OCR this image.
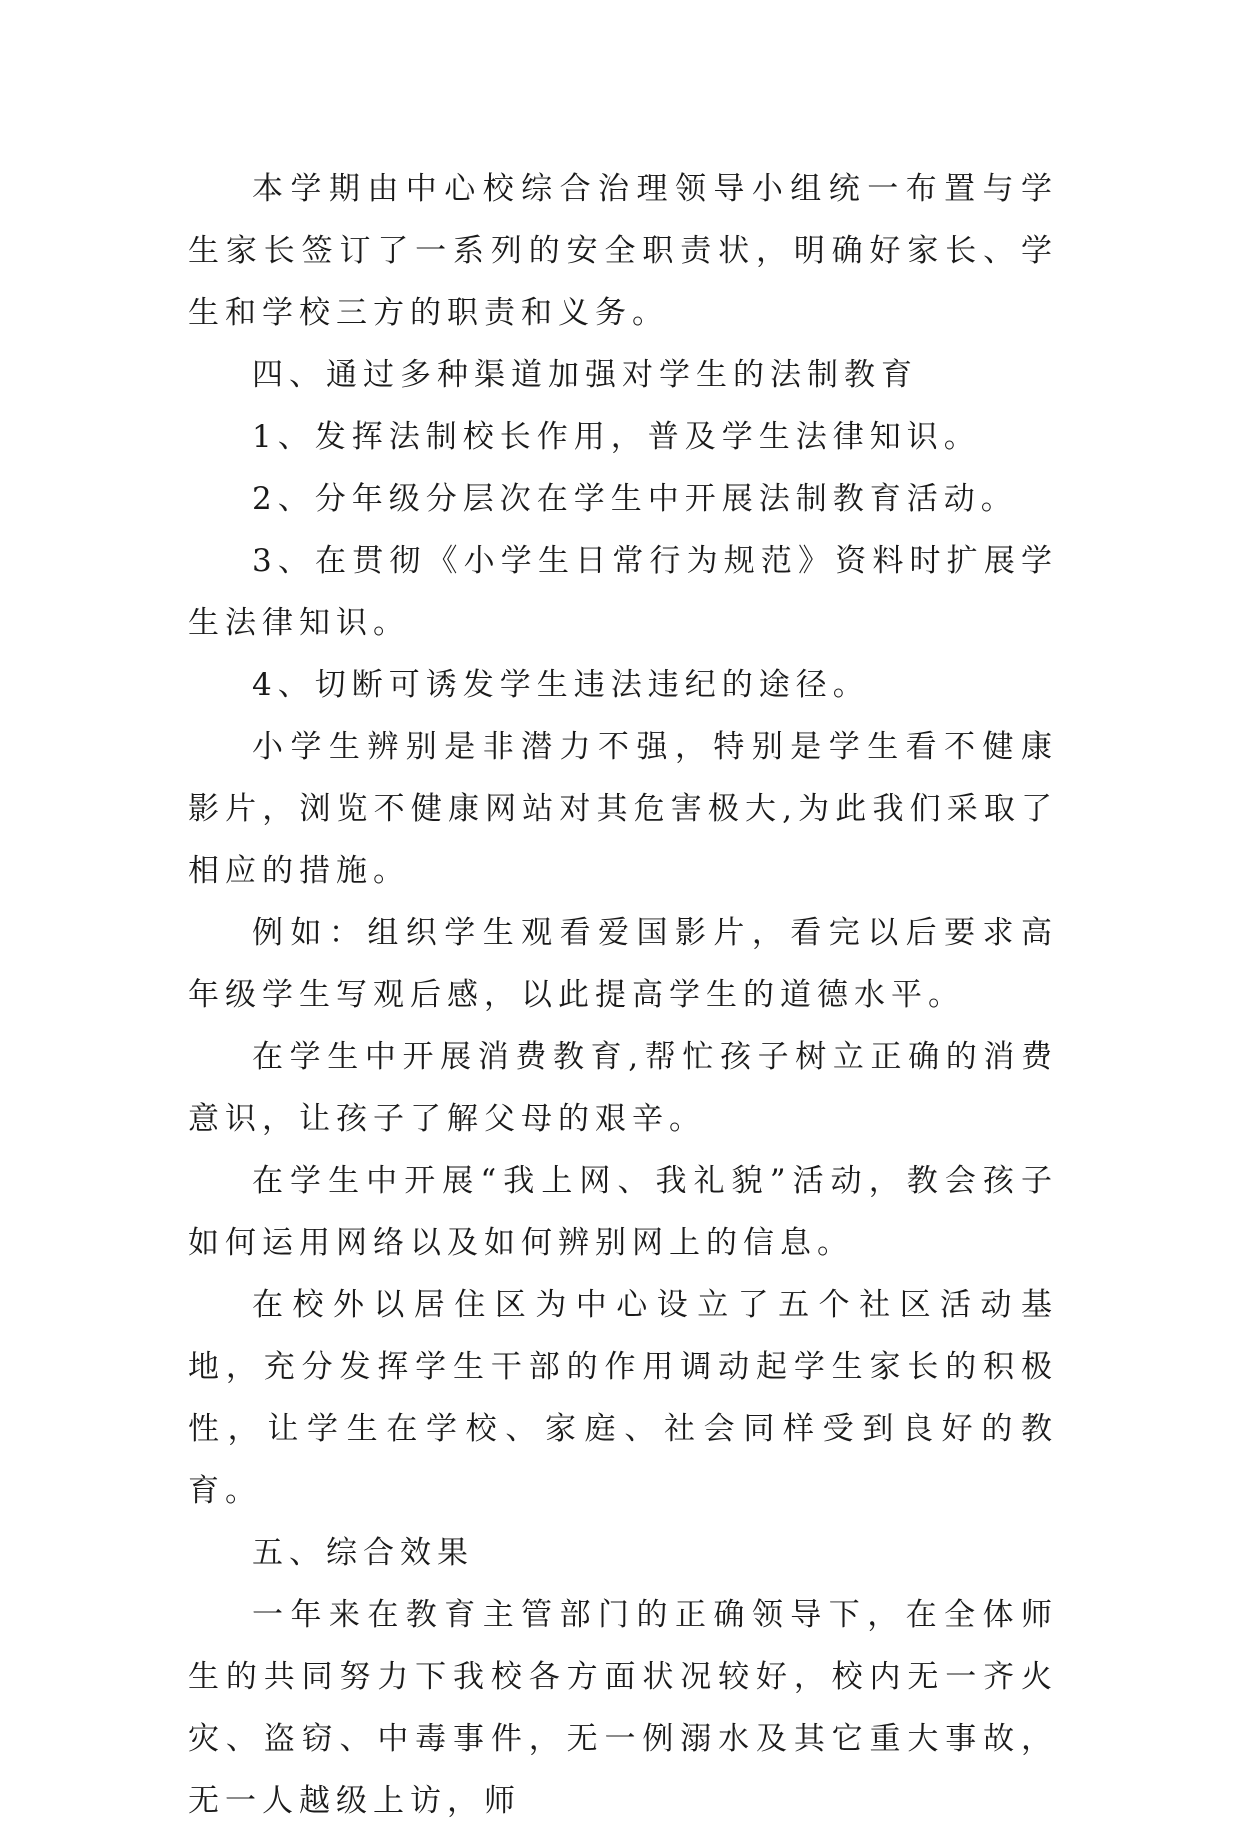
本学期由中心校综合治理领导小组统一布置与学生家长签订了一系列的安全职责状，明确好家长、学生和学校三方的职责和义务。

四、通过多种渠道加强对学生的法制教育

1、发挥法制校长作用，普及学生法律知识。

2、分年级分层次在学生中开展法制教育活动。

3、在贯彻《小学生日常行为规范》资料时扩展学生法律知识。

4、切断可诱发学生违法违纪的途径。

小学生辨别是非潜力不强，特别是学生看不健康影片，浏览不健康网站对其危害极大,为此我们采取了相应的措施。

例如：组织学生观看爱国影片，看完以后要求高年级学生写观后感，以此提高学生的道德水平。

在学生中开展消费教育,帮忙孩子树立正确的消费意识，让孩子了解父母的艰辛。

在学生中开展“我上网、我礼貌”活动，教会孩子如何运用网络以及如何辨别网上的信息。

在校外以居住区为中心设立了五个社区活动基地，充分发挥学生干部的作用调动起学生家长的积极性，让学生在学校、家庭、社会同样受到良好的教育。

五、综合效果

一年来在教育主管部门的正确领导下，在全体师生的共同努力下我校各方面状况较好，校内无一齐火灾、盗窃、中毒事件，无一例溺水及其它重大事故，无一人越级上访，师
